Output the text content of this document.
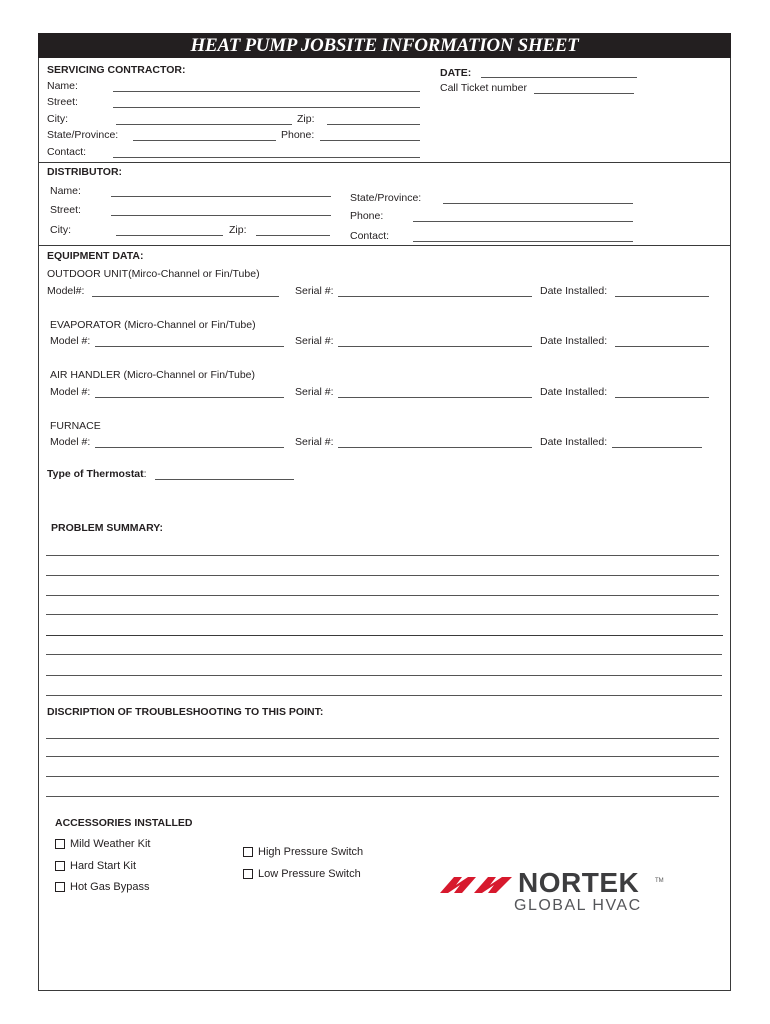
HEAT PUMP JOBSITE INFORMATION SHEET
SERVICING CONTRACTOR:
Name:
Street:
City:	Zip:
State/Province:	Phone:
Contact:
DATE:
Call Ticket number
DISTRIBUTOR:
Name:
Street:
City:	Zip:
State/Province:
Phone:
Contact:
EQUIPMENT DATA:
OUTDOOR UNIT(Mirco-Channel or Fin/Tube)
Model#:	Serial #:	Date Installed:
EVAPORATOR (Micro-Channel or Fin/Tube)
Model #:	Serial #:	Date Installed:
AIR HANDLER (Micro-Channel or Fin/Tube)
Model #:	Serial #:	Date Installed:
FURNACE
Model #:	Serial #:	Date Installed:
Type of Thermostat:
PROBLEM SUMMARY:
DISCRIPTION OF TROUBLESHOOTING TO THIS POINT:
ACCESSORIES INSTALLED
Mild Weather Kit
Hard Start Kit
Hot Gas Bypass
High Pressure Switch
Low Pressure Switch	NORTEK	TM
GLOBAL HVAC
